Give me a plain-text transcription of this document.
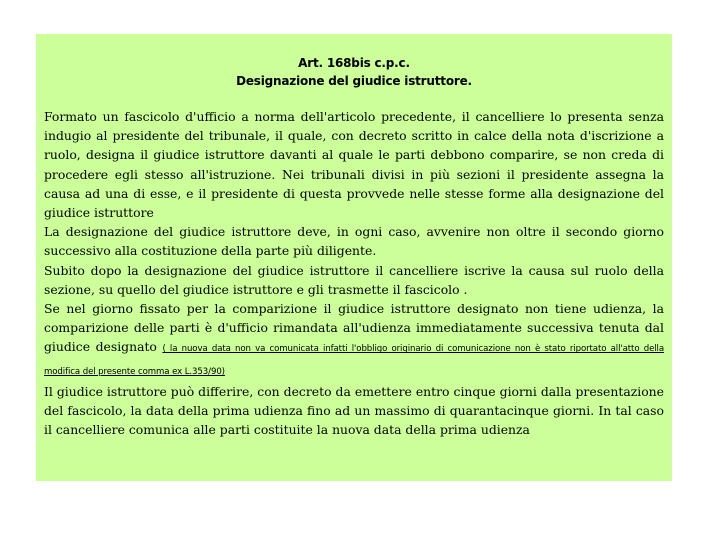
Art. 168bis c.p.c.
Designazione del giudice istruttore.

Formato un fascicolo d'ufficio a norma dell'articolo precedente, il cancelliere lo presenta senza indugio al presidente del tribunale, il quale, con decreto scritto in calce della nota d'iscrizione a ruolo, designa il giudice istruttore davanti al quale le parti debbono comparire, se non creda di procedere egli stesso all'istruzione. Nei tribunali divisi in più sezioni il presidente assegna la causa ad una di esse, e il presidente di questa provvede nelle stesse forme alla designazione del giudice istruttore

La designazione del giudice istruttore deve, in ogni caso, avvenire non oltre il secondo giorno successivo alla costituzione della parte più diligente.

Subito dopo la designazione del giudice istruttore il cancelliere iscrive la causa sul ruolo della sezione, su quello del giudice istruttore e gli trasmette il fascicolo .

Se nel giorno fissato per la comparizione il giudice istruttore designato non tiene udienza, la comparizione delle parti è d'ufficio rimandata all'udienza immediatamente successiva tenuta dal giudice designato ( la nuova data non va comunicata infatti l'obbligo originario di comunicazione non è stato riportato all'atto della modifica del presente comma ex L.353/90)

Il giudice istruttore può differire, con decreto da emettere entro cinque giorni dalla presentazione del fascicolo, la data della prima udienza fino ad un massimo di quarantacinque giorni. In tal caso il cancelliere comunica alle parti costituite la nuova data della prima udienza
